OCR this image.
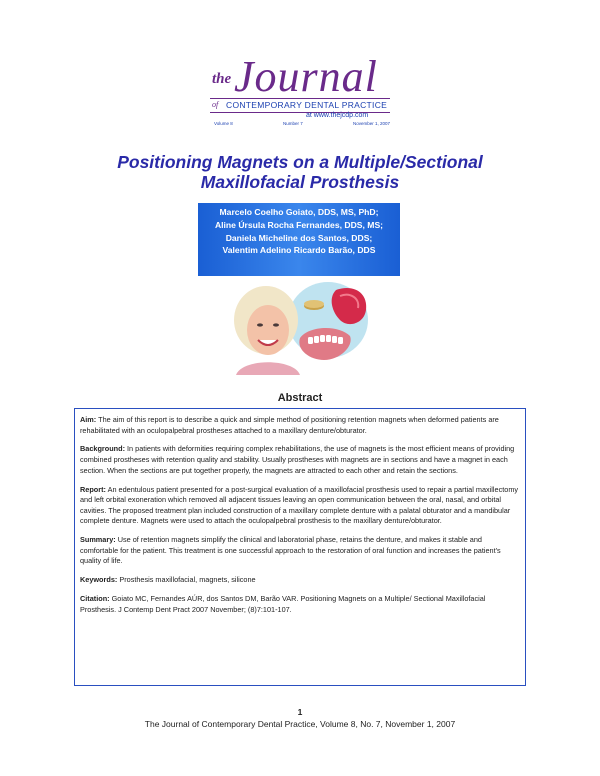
the Journal
of CONTEMPORARY DENTAL PRACTICE
at www.thejcdp.com
Volume 8	Number 7	November 1, 2007
Positioning Magnets on a Multiple/Sectional
Maxillofacial Prosthesis
Marcelo Coelho Goiato, DDS, MS, PhD;
Aline Úrsula Rocha Fernandes, DDS, MS;
Daniela Micheline dos Santos, DDS;
Valentim Adelino Ricardo Barão, DDS
Abstract

Aim: The aim of this report is to describe a quick and simple method of positioning retention magnets when deformed patients are rehabilitated with an oculopalpebral prostheses attached to a maxillary denture/obturator.

Background: In patients with deformities requiring complex rehabilitations, the use of magnets is the most efficient means of providing combined prostheses with retention quality and stability. Usually prostheses with magnets are in sections and have a magnet in each section. When the sections are put together properly, the magnets are attracted to each other and retain the sections.

Report: An edentulous patient presented for a post-surgical evaluation of a maxillofacial prosthesis used to repair a partial maxillectomy and left orbital exoneration which removed all adjacent tissues leaving an open communication between the oral, nasal, and orbital cavities. The proposed treatment plan included construction of a maxillary complete denture with a palatal obturator and a mandibular complete denture. Magnets were used to attach the oculopalpebral prosthesis to the maxillary denture/obturator.

Summary: Use of retention magnets simplify the clinical and laboratorial phase, retains the denture, and makes it stable and comfortable for the patient. This treatment is one successful approach to the restoration of oral function and increases the patient's quality of life.

Keywords: Prosthesis maxillofacial, magnets, silicone

Citation: Goiato MC, Fernandes AÚR, dos Santos DM, Barão VAR. Positioning Magnets on a Multiple/ Sectional Maxillofacial Prosthesis. J Contemp Dent Pract 2007 November; (8)7:101-107.

1
The Journal of Contemporary Dental Practice, Volume 8, No. 7, November 1, 2007
